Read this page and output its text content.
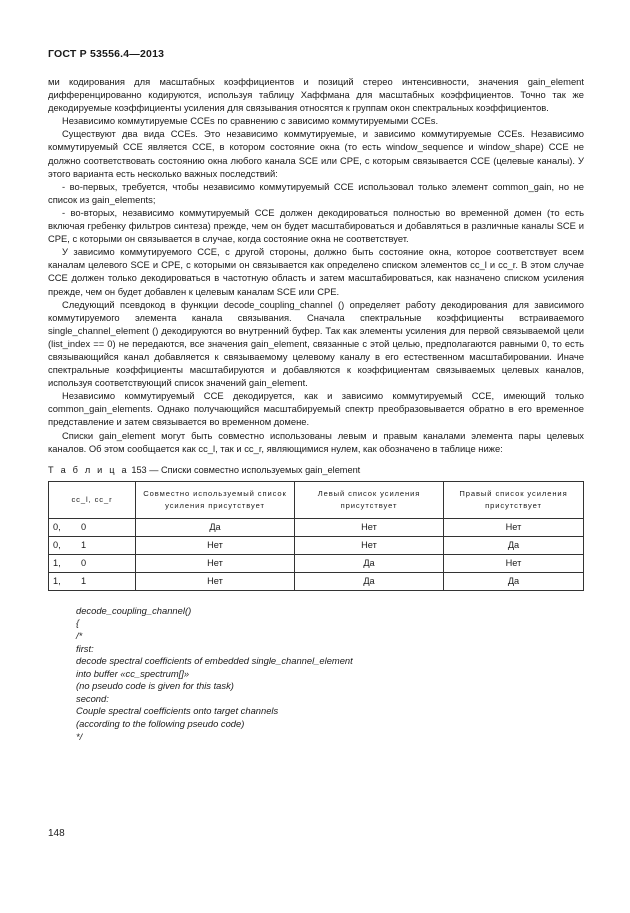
ГОСТ Р 53556.4—2013

ми кодирования для масштабных коэффициентов и позиций стерео интенсивности, значения gain_element дифференцированно кодируются, используя таблицу Хаффмана для масштабных коэффициентов. Точно так же декодируемые коэффициенты усиления для связывания относятся к группам окон спектральных коэффициентов.

Независимо коммутируемые CCEs по сравнению с зависимо коммутируемыми CCEs.

Существуют два вида CCEs. Это независимо коммутируемые, и зависимо коммутируемые CCEs. Независимо коммутируемый CCE является CCE, в котором состояние окна (то есть window_sequence и window_shape) CCE не должно соответствовать состоянию окна любого канала SCE или CPE, с которым связывается CCE (целевые каналы). У этого варианта есть несколько важных последствий:

- во-первых, требуется, чтобы независимо коммутируемый CCE использовал только элемент common_gain, но не список из gain_elements;

- во-вторых, независимо коммутируемый CCE должен декодироваться полностью во временной домен (то есть включая гребенку фильтров синтеза) прежде, чем он будет масштабироваться и добавляться в различные каналы SCE и CPE, с которыми он связывается в случае, когда состояние окна не соответствует.

У зависимо коммутируемого CCE, с другой стороны, должно быть состояние окна, которое соответствует всем каналам целевого SCE и CPE, с которыми он связывается как определено списком элементов cc_l и cc_r. В этом случае CCE должен только декодироваться в частотную область и затем масштабироваться, как назначено списком усиления прежде, чем он будет добавлен к целевым каналам SCE или CPE.

Следующий псевдокод в функции decode_coupling_channel () определяет работу декодирования для зависимого коммутируемого элемента канала связывания. Сначала спектральные коэффициенты встраиваемого single_channel_element () декодируются во внутренний буфер. Так как элементы усиления для первой связываемой цели (list_index == 0) не передаются, все значения gain_element, связанные с этой целью, предполагаются равными 0, то есть связывающийся канал добавляется к связываемому целевому каналу в его естественном масштабировании. Иначе спектральные коэффициенты масштабируются и добавляются к коэффициентам связываемых целевых каналов, используя соответствующий список значений gain_element.

Независимо коммутируемый CCE декодируется, как и зависимо коммутируемый CCE, имеющий только common_gain_elements. Однако получающийся масштабируемый спектр преобразовывается обратно в его временное представление и затем связывается во временном домене.

Списки gain_element могут быть совместно использованы левым и правым каналами элемента пары целевых каналов. Об этом сообщается как cc_l, так и cc_r, являющимися нулем, как обозначено в таблице ниже:

Т а б л и ц а 153 — Списки совместно используемых gain_element
cc_l, cc_r	Совместно используемый список усиления присутствует	Левый список усиления присутствует	Правый список усиления присутствует
0, 0	Да	Нет	Нет
0, 1	Нет	Нет	Да
1, 0	Нет	Да	Нет
1, 1	Нет	Да	Да
decode_coupling_channel()
{
/*
first:
decode spectral coefficients of embedded single_channel_element
into buffer «cc_spectrum[]»
(no pseudo code is given for this task)
second:
Couple spectral coefficients onto target channels
(according to the following pseudo code)
*/
148
